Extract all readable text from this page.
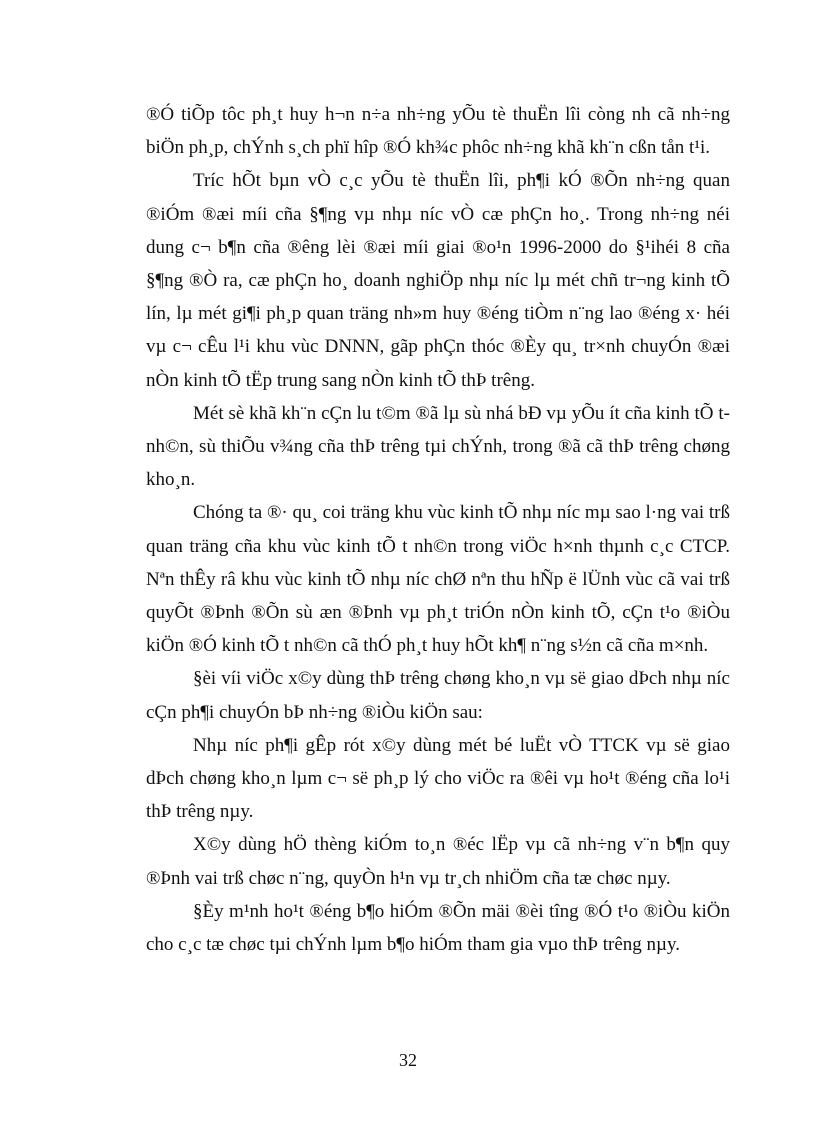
®Ó tiÕp tôc ph¸t huy h¬n n÷a nh÷ng yÕu tè thuËn lîi còng nh cã nh÷ng biÖn ph¸p, chÝnh s¸ch phï hîp ®Ó kh¾c phôc nh÷ng khã kh¨n cßn tån t¹i.

Tríc hÕt bµn vÒ c¸c yÕu tè thuËn lîi, ph¶i kÓ ®Õn nh÷ng quan ®iÓm ®æi míi cña §¶ng vµ nhµ níc vÒ cæ phÇn ho¸. Trong nh÷ng néi dung c¬ b¶n cña ®êng lèi ®æi míi giai ®o¹n 1996-2000 do §¹ihéi 8 cña §¶ng ®Ò ra, cæ phÇn ho¸ doanh nghiÖp nhµ níc lµ mét chñ tr¬ng kinh tÕ lín, lµ mét gi¶i ph¸p quan träng nh»m huy ®éng tiÒm n¨ng lao ®éng x· héi vµ c¬ cÊu l¹i khu vùc DNNN, gãp phÇn thóc ®Èy qu¸ tr×nh chuyÓn ®æi nÒn kinh tÕ tËp trung sang nÒn kinh tÕ thÞ trêng.

Mét sè khã kh¨n cÇn lu t©m ®ã lµ sù nhá bÐ vµ yÕu ít cña kinh tÕ t nh©n, sù thiÕu v¾ng cña thÞ trêng tµi chÝnh, trong ®ã cã thÞ trêng chøng kho¸n.

Chóng ta ®· qu¸ coi träng khu vùc kinh tÕ nhµ níc mµ sao l·ng vai trß quan träng cña khu vùc kinh tÕ t nh©n trong viÖc h×nh thµnh c¸c CTCP. Nªn thÊy râ khu vùc kinh tÕ nhµ níc chØ nªn thu hÑp ë lÜnh vùc cã vai trß quyÕt ®Þnh ®Õn sù æn ®Þnh vµ ph¸t triÓn nÒn kinh tÕ, cÇn t¹o ®iÒu kiÖn ®Ó kinh tÕ t nh©n cã thÓ ph¸t huy hÕt kh¶ n¨ng s½n cã cña m×nh.

§èi víi viÖc x©y dùng thÞ trêng chøng kho¸n vµ së giao dÞch nhµ níc cÇn ph¶i chuyÓn bÞ nh÷ng ®iÒu kiÖn sau:

Nhµ níc ph¶i gÊp rót x©y dùng mét bé luËt vÒ TTCK vµ së giao dÞch chøng kho¸n lµm c¬ së ph¸p lý cho viÖc ra ®êi vµ ho¹t ®éng cña lo¹i thÞ trêng nµy.

X©y dùng hÖ thèng kiÓm to¸n ®éc lËp vµ cã nh÷ng v¨n b¶n quy ®Þnh vai trß chøc n¨ng, quyÒn h¹n vµ tr¸ch nhiÖm cña tæ chøc nµy.

§Èy m¹nh ho¹t ®éng b¶o hiÓm ®Õn mäi ®èi tîng ®Ó t¹o ®iÒu kiÖn cho c¸c tæ chøc tµi chÝnh lµm b¶o hiÓm tham gia vµo thÞ trêng nµy.

32
